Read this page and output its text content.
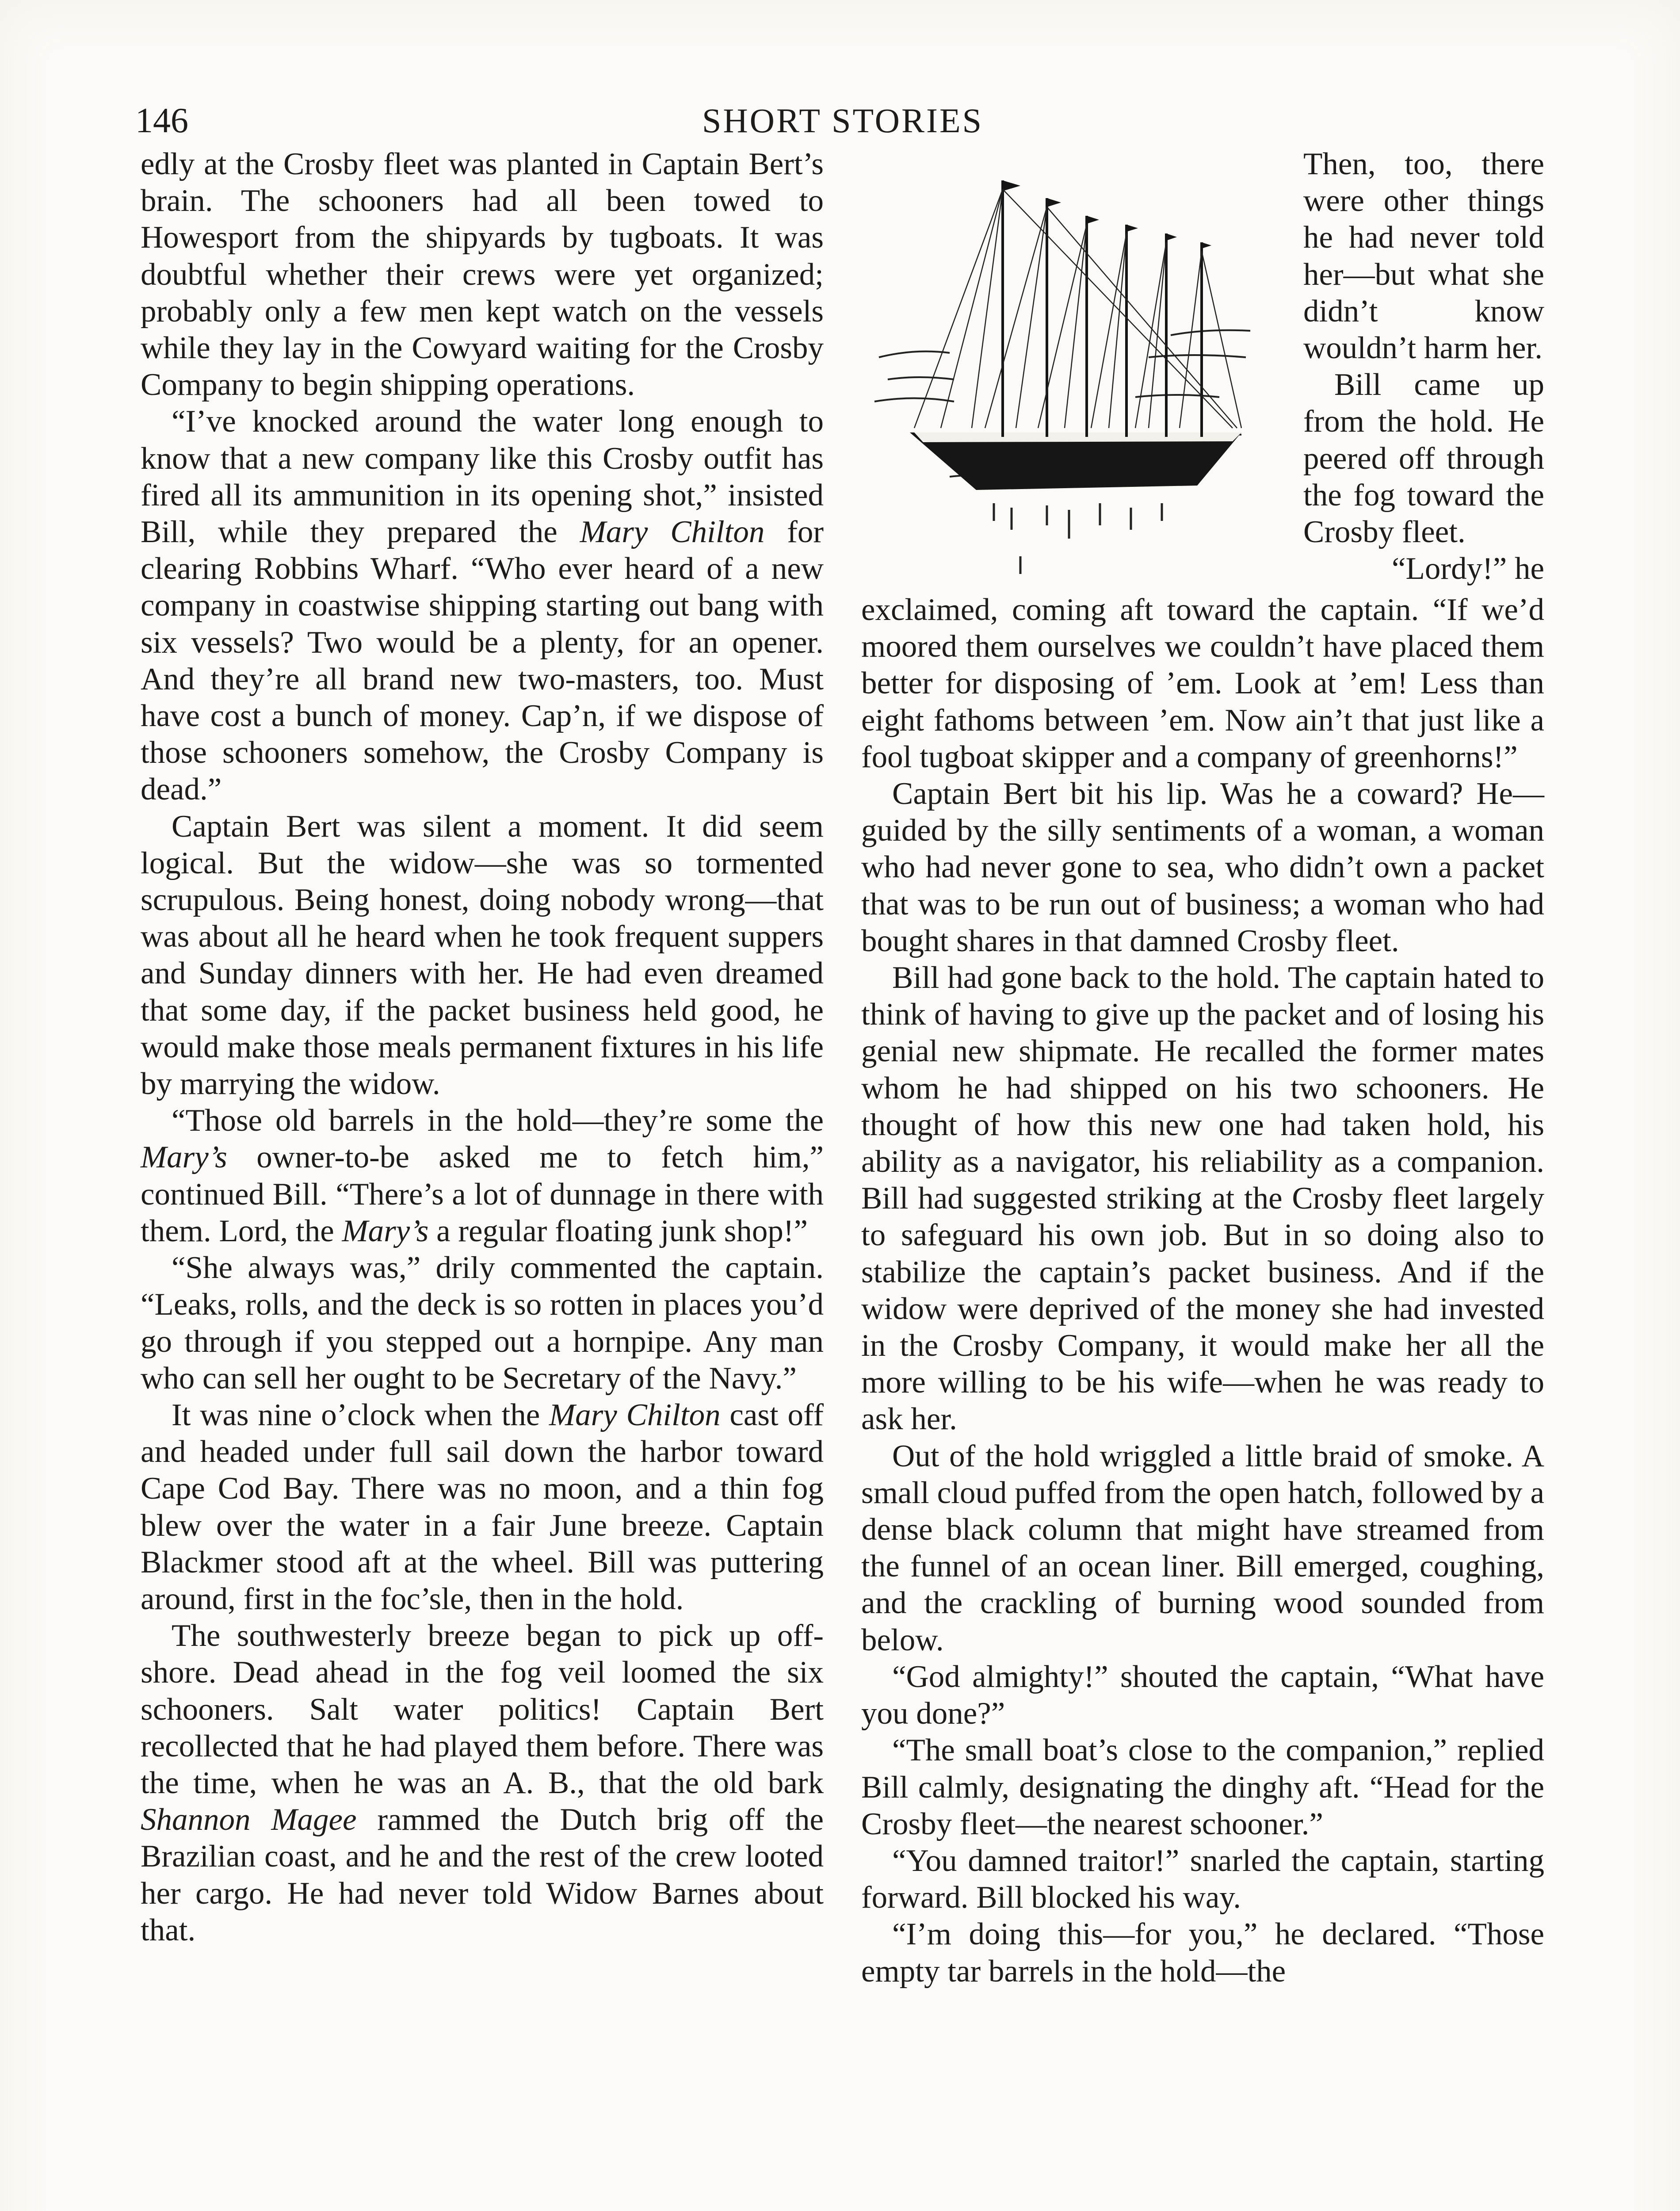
146	SHORT STORIES

edly at the Crosby fleet was planted in Captain Bert’s brain. The schooners had all been towed to Howesport from the shipyards by tugboats. It was doubtful whether their crews were yet organized; probably only a few men kept watch on the vessels while they lay in the Cowyard waiting for the Crosby Company to begin shipping operations.

“I’ve knocked around the water long enough to know that a new company like this Crosby outfit has fired all its ammunition in its opening shot,” insisted Bill, while they prepared the Mary Chilton for clearing Robbins Wharf. “Who ever heard of a new company in coastwise shipping starting out bang with six vessels? Two would be a plenty, for an opener. And they’re all brand new two-masters, too. Must have cost a bunch of money. Cap’n, if we dispose of those schooners somehow, the Crosby Company is dead.”

Captain Bert was silent a moment. It did seem logical. But the widow—she was so tormented scrupulous. Being honest, doing nobody wrong—that was about all he heard when he took frequent suppers and Sunday dinners with her. He had even dreamed that some day, if the packet business held good, he would make those meals permanent fixtures in his life by marrying the widow.

“Those old barrels in the hold—they’re some the Mary’s owner-to-be asked me to fetch him,” continued Bill. “There’s a lot of dunnage in there with them. Lord, the Mary’s a regular floating junk shop!”

“She always was,” drily commented the captain. “Leaks, rolls, and the deck is so rotten in places you’d go through if you stepped out a hornpipe. Any man who can sell her ought to be Secretary of the Navy.”

It was nine o’clock when the Mary Chilton cast off and headed under full sail down the harbor toward Cape Cod Bay. There was no moon, and a thin fog blew over the water in a fair June breeze. Captain Blackmer stood aft at the wheel. Bill was puttering around, first in the foc’sle, then in the hold.

The southwesterly breeze began to pick up off-shore. Dead ahead in the fog veil loomed the six schooners. Salt water politics! Captain Bert recollected that he had played them before. There was the time, when he was an A. B., that the old bark Shannon Magee rammed the Dutch brig off the Brazilian coast, and he and the rest of the crew looted her cargo. He had never told Widow Barnes about that.

Then, too, there were other things he had never told her—but what she didn’t know wouldn’t harm her.

Bill came up from the hold. He peered off through the fog toward the Crosby fleet.

“Lordy!” he

exclaimed, coming aft toward the captain. “If we’d moored them ourselves we couldn’t have placed them better for disposing of ’em. Look at ’em! Less than eight fathoms between ’em. Now ain’t that just like a fool tugboat skipper and a company of greenhorns!”

Captain Bert bit his lip. Was he a coward? He—guided by the silly sentiments of a woman, a woman who had never gone to sea, who didn’t own a packet that was to be run out of business; a woman who had bought shares in that damned Crosby fleet.

Bill had gone back to the hold. The captain hated to think of having to give up the packet and of losing his genial new shipmate. He recalled the former mates whom he had shipped on his two schooners. He thought of how this new one had taken hold, his ability as a navigator, his reliability as a companion. Bill had suggested striking at the Crosby fleet largely to safeguard his own job. But in so doing also to stabilize the captain’s packet business. And if the widow were deprived of the money she had invested in the Crosby Company, it would make her all the more willing to be his wife—when he was ready to ask her.

Out of the hold wriggled a little braid of smoke. A small cloud puffed from the open hatch, followed by a dense black column that might have streamed from the funnel of an ocean liner. Bill emerged, coughing, and the crackling of burning wood sounded from below.

“God almighty!” shouted the captain, “What have you done?”

“The small boat’s close to the companion,” replied Bill calmly, designating the dinghy aft. “Head for the Crosby fleet—the nearest schooner.”

“You damned traitor!” snarled the captain, starting forward. Bill blocked his way.

“I’m doing this—for you,” he declared. “Those empty tar barrels in the hold—the
